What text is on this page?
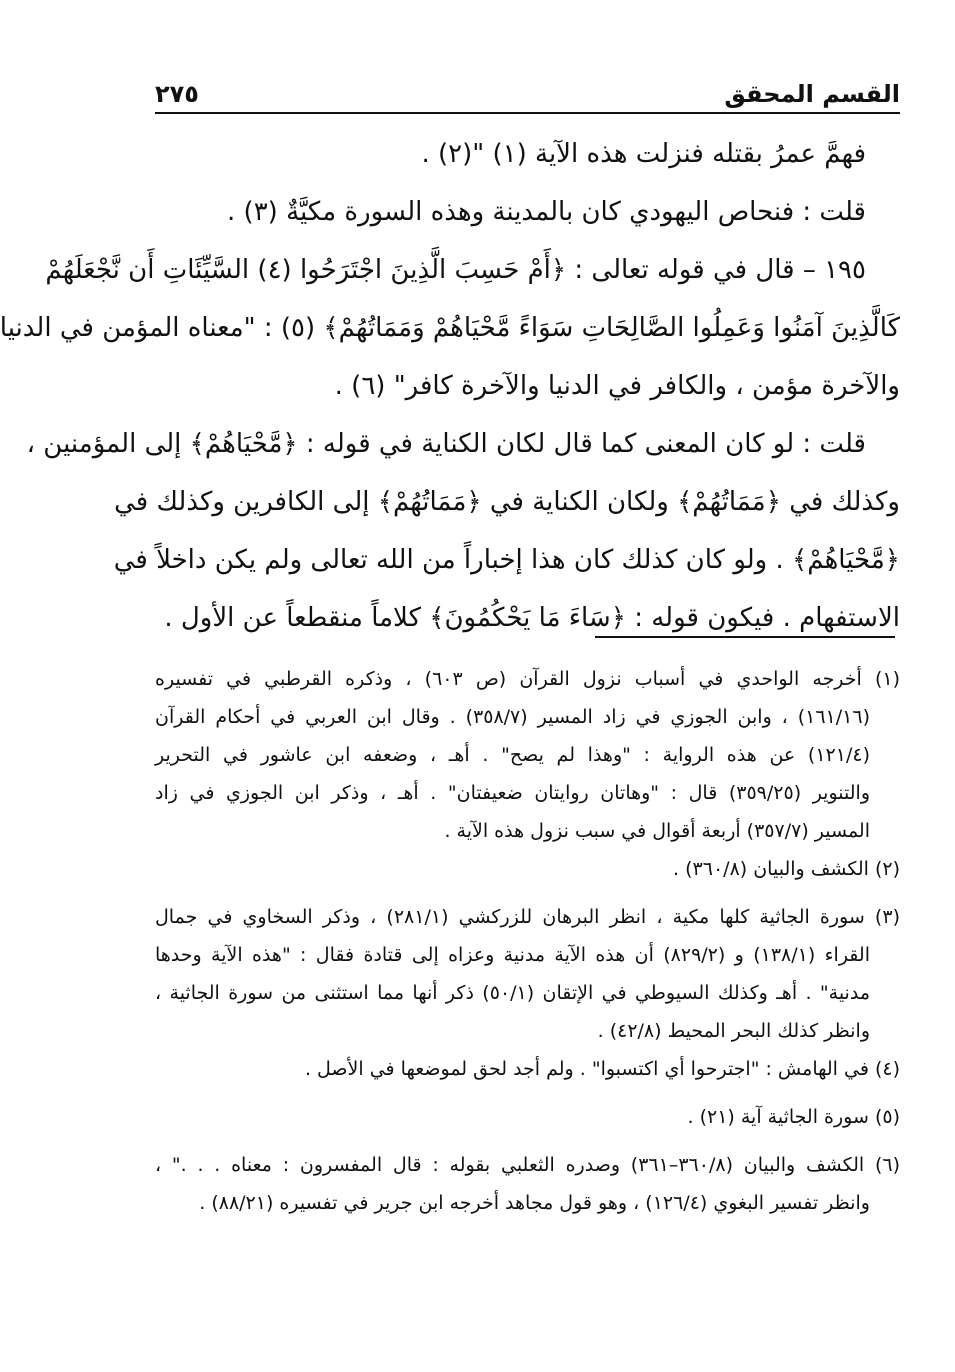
القسم المحقق
٢٧٥
فهمَّ عمرُ بقتله فنزلت هذه الآية (١) "(٢) .
قلت : فنحاص اليهودي كان بالمدينة وهذه السورة مكيَّةٌ (٣) .
١٩٥ – قال في قوله تعالى : ﴿أَمْ حَسِبَ الَّذِينَ اجْتَرَحُوا (٤) السَّيِّئَاتِ أَن نَّجْعَلَهُمْ
كَالَّذِينَ آمَنُوا وَعَمِلُوا الصَّالِحَاتِ سَوَاءً مَّحْيَاهُمْ وَمَمَاتُهُمْ﴾ (٥) : "معناه المؤمن في الدنيا
والآخرة مؤمن ، والكافر في الدنيا والآخرة كافر" (٦) .
قلت : لو كان المعنى كما قال لكان الكناية في قوله : ﴿مَّحْيَاهُمْ﴾ إلى المؤمنين ،
وكذلك في ﴿مَمَاتُهُمْ﴾ ولكان الكناية في ﴿مَمَاتُهُمْ﴾ إلى الكافرين وكذلك في
﴿مَّحْيَاهُمْ﴾ . ولو كان كذلك كان هذا إخباراً من الله تعالى ولم يكن داخلاً في
الاستفهام . فيكون قوله : ﴿سَاءَ مَا يَحْكُمُونَ﴾ كلاماً منقطعاً عن الأول .
(١) أخرجه الواحدي في أسباب نزول القرآن (ص ٦٠٣) ، وذكره القرطبي في تفسيره
(١٦١/١٦) ، وابن الجوزي في زاد المسير (٣٥٨/٧) . وقال ابن العربي في أحكام القرآن
(١٢١/٤) عن هذه الرواية : "وهذا لم يصح" . أهـ ، وضعفه ابن عاشور في التحرير
والتنوير (٣٥٩/٢٥) قال : "وهاتان روايتان ضعيفتان" . أهـ ، وذكر ابن الجوزي في زاد
المسير (٣٥٧/٧) أربعة أقوال في سبب نزول هذه الآية .
(٢) الكشف والبيان (٣٦٠/٨) .
(٣) سورة الجاثية كلها مكية ، انظر البرهان للزركشي (٢٨١/١) ، وذكر السخاوي في جمال
القراء (١٣٨/١) و (٨٢٩/٢) أن هذه الآية مدنية وعزاه إلى قتادة فقال : "هذه الآية وحدها
مدنية" . أهـ وكذلك السيوطي في الإتقان (٥٠/١) ذكر أنها مما استثنى من سورة الجاثية ،
وانظر كذلك البحر المحيط (٤٢/٨) .
(٤) في الهامش : "اجترحوا أي اكتسبوا" . ولم أجد لحق لموضعها في الأصل .
(٥) سورة الجاثية آية (٢١) .
(٦) الكشف والبيان (٣٦٠/٨–٣٦١) وصدره الثعلبي بقوله : قال المفسرون : معناه . . ." ،
وانظر تفسير البغوي (١٢٦/٤) ، وهو قول مجاهد أخرجه ابن جرير في تفسيره (٨٨/٢١) .
